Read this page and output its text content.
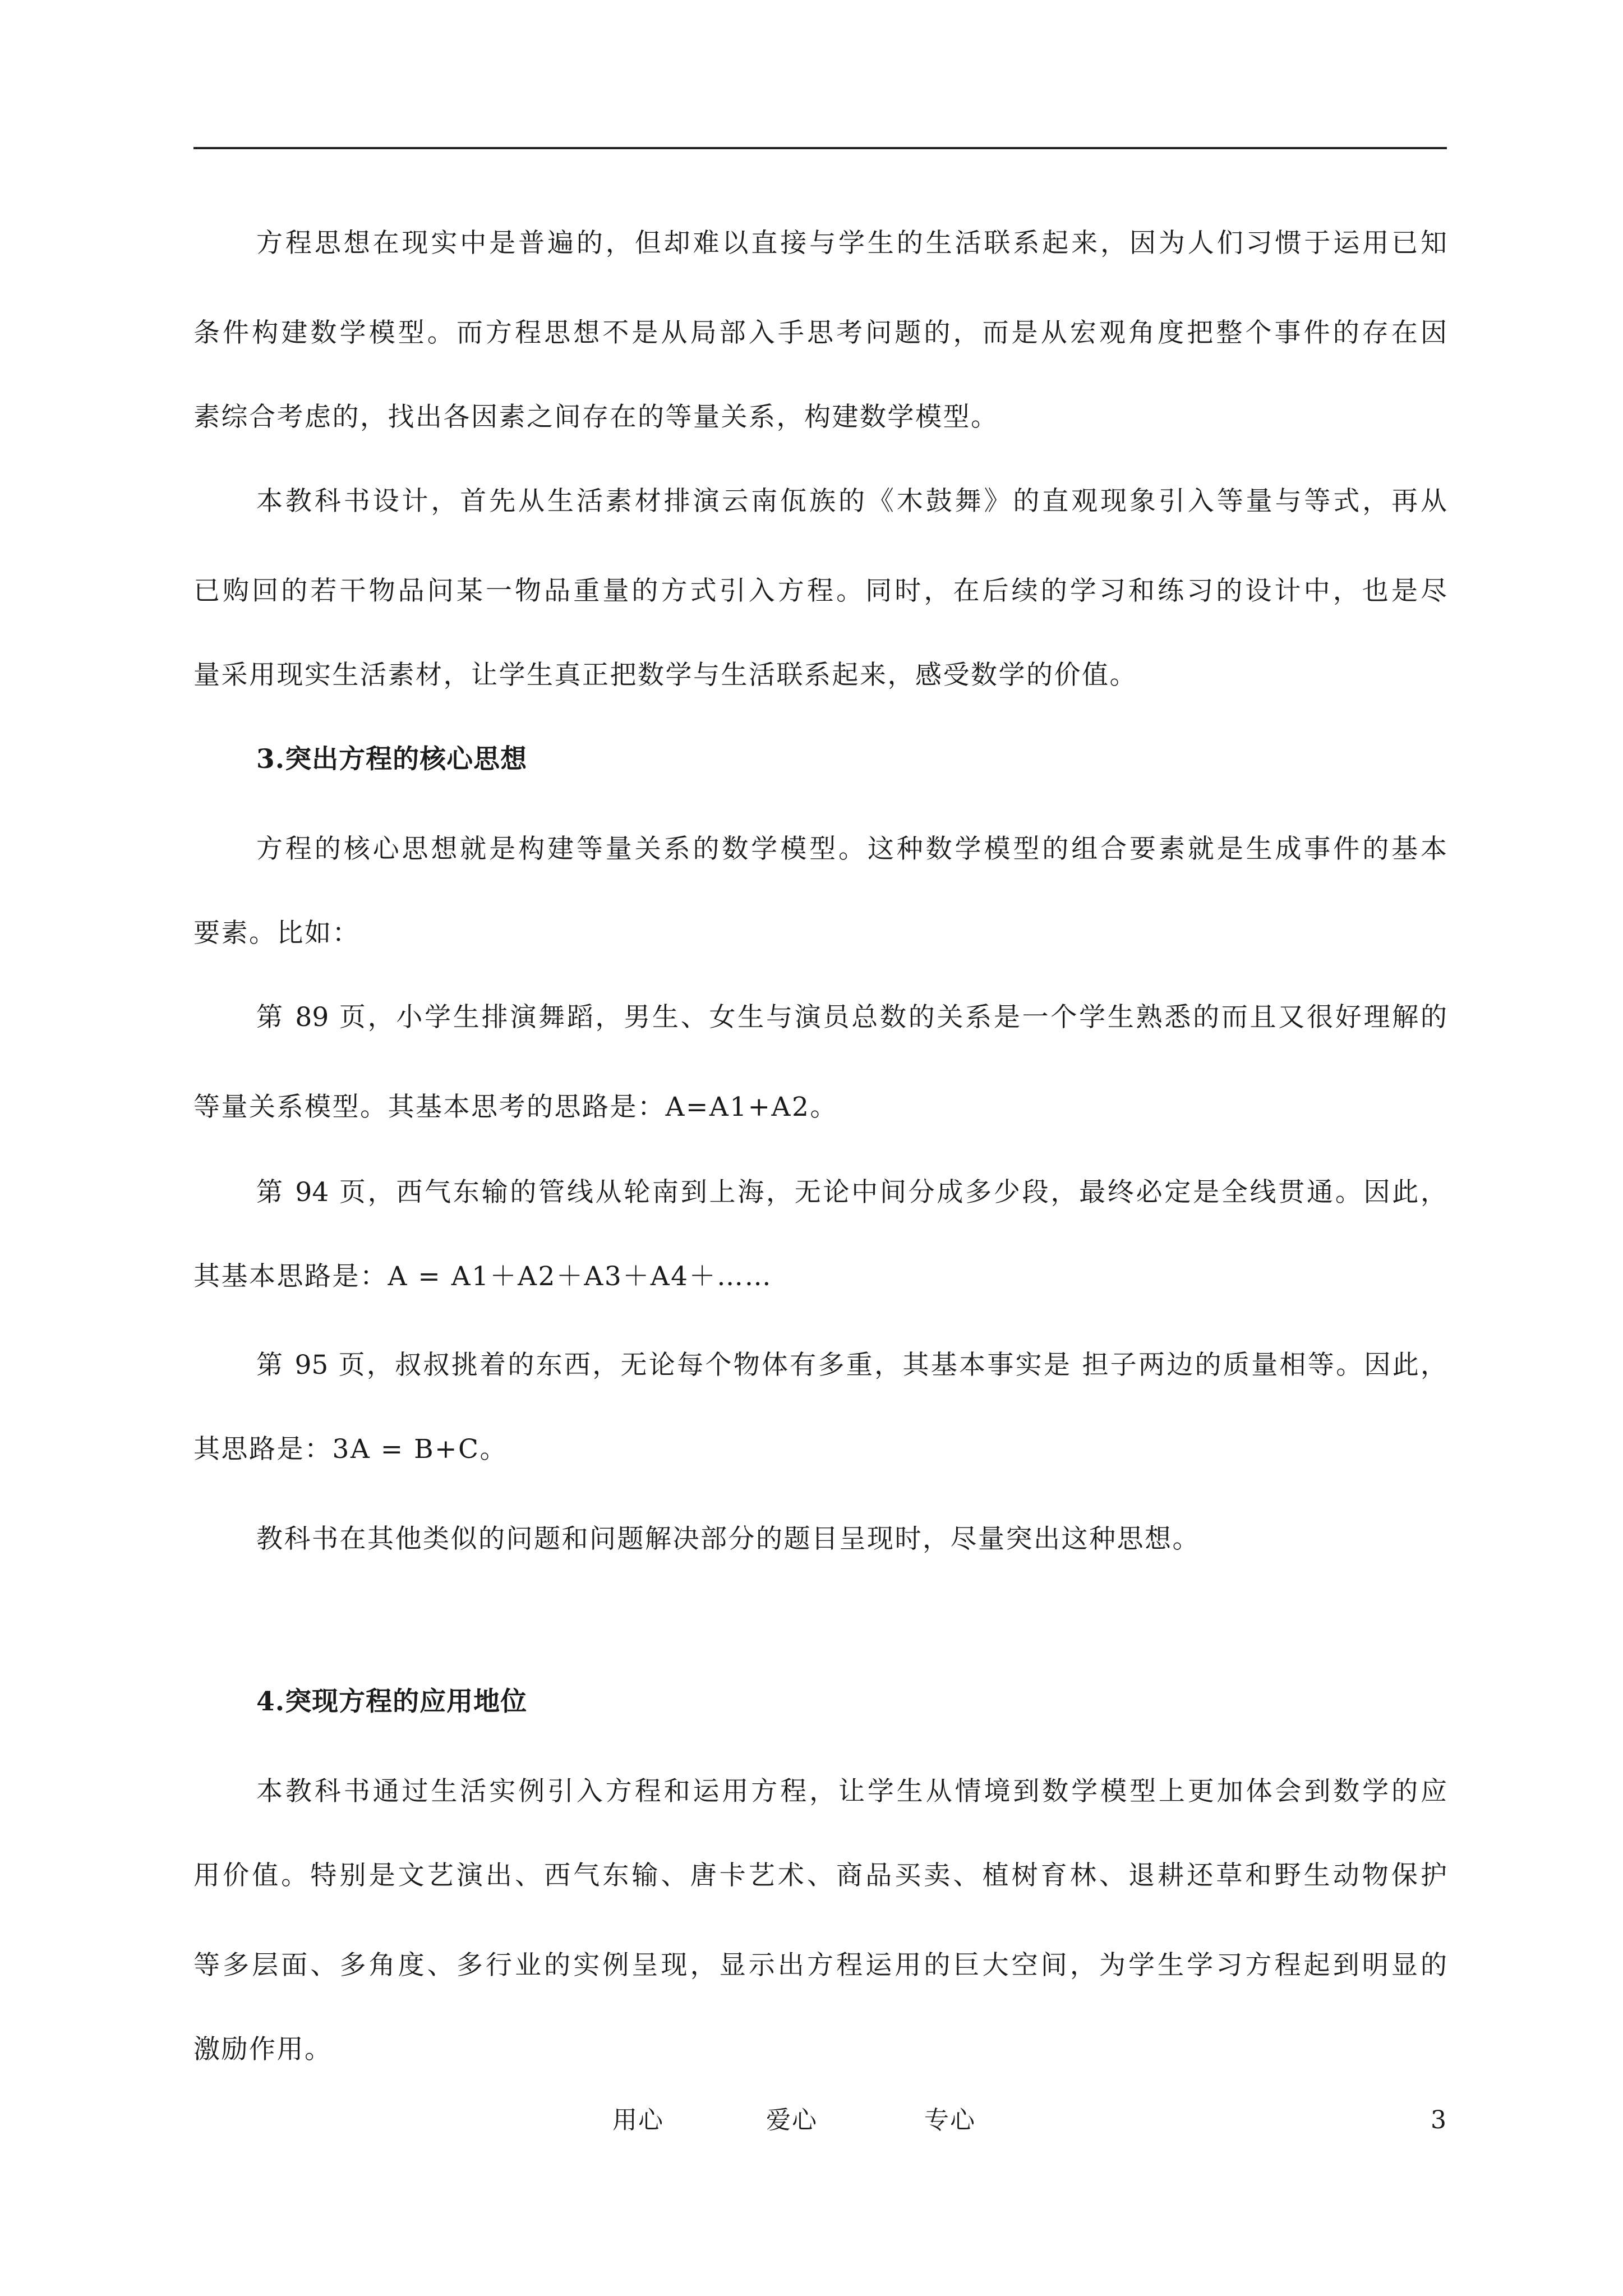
方程思想在现实中是普遍的，但却难以直接与学生的生活联系起来，因为人们习惯于运用已知
条件构建数学模型。而方程思想不是从局部入手思考问题的，而是从宏观角度把整个事件的存在因
素综合考虑的，找出各因素之间存在的等量关系，构建数学模型。
本教科书设计，首先从生活素材排演云南佤族的《木鼓舞》的直观现象引入等量与等式，再从
已购回的若干物品问某一物品重量的方式引入方程。同时，在后续的学习和练习的设计中，也是尽
量采用现实生活素材，让学生真正把数学与生活联系起来，感受数学的价值。
3.突出方程的核心思想
方程的核心思想就是构建等量关系的数学模型。这种数学模型的组合要素就是生成事件的基本
要素。比如：
第 89 页，小学生排演舞蹈，男生、女生与演员总数的关系是一个学生熟悉的而且又很好理解的
等量关系模型。其基本思考的思路是：A=A1+A2。
第 94 页，西气东输的管线从轮南到上海，无论中间分成多少段，最终必定是全线贯通。因此，
其基本思路是：A = A1＋A2＋A3＋A4＋……
第 95 页，叔叔挑着的东西，无论每个物体有多重，其基本事实是 担子两边的质量相等。因此，
其思路是：3A = B+C。
教科书在其他类似的问题和问题解决部分的题目呈现时，尽量突出这种思想。
4.突现方程的应用地位
本教科书通过生活实例引入方程和运用方程，让学生从情境到数学模型上更加体会到数学的应
用价值。特别是文艺演出、西气东输、唐卡艺术、商品买卖、植树育林、退耕还草和野生动物保护
等多层面、多角度、多行业的实例呈现，显示出方程运用的巨大空间，为学生学习方程起到明显的
激励作用。
用心	爱心	专心	3
